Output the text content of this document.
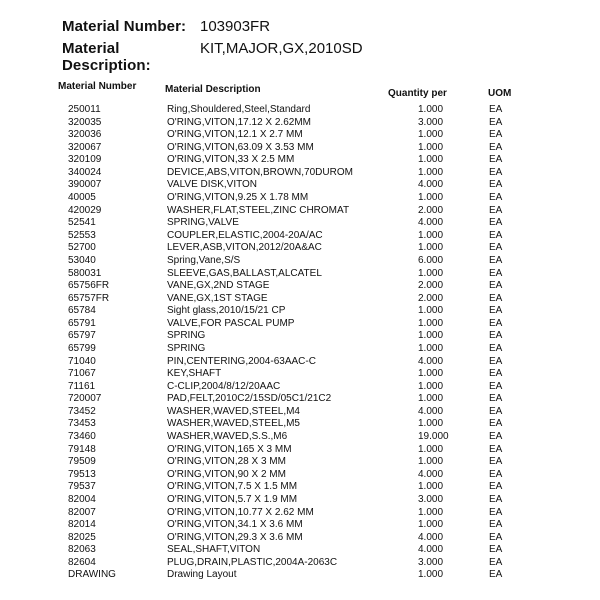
Material Number: 103903FR
Material Description:
KIT,MAJOR,GX,2010SD
Material Number	Material Description	Quantity per	UOM
250011	Ring,Shouldered,Steel,Standard	1.000	EA
320035	O'RING,VITON,17.12 X 2.62MM	3.000	EA
320036	O'RING,VITON,12.1 X 2.7 MM	1.000	EA
320067	O'RING,VITON,63.09 X 3.53 MM	1.000	EA
320109	O'RING,VITON,33 X 2.5 MM	1.000	EA
340024	DEVICE,ABS,VITON,BROWN,70DUROM	1.000	EA
390007	VALVE DISK,VITON	4.000	EA
40005	O'RING,VITON,9.25 X 1.78 MM	1.000	EA
420029	WASHER,FLAT,STEEL,ZINC CHROMAT	2.000	EA
52541	SPRING,VALVE	4.000	EA
52553	COUPLER,ELASTIC,2004-20A/AC	1.000	EA
52700	LEVER,ASB,VITON,2012/20A&AC	1.000	EA
53040	Spring,Vane,S/S	6.000	EA
580031	SLEEVE,GAS,BALLAST,ALCATEL	1.000	EA
65756FR	VANE,GX,2ND STAGE	2.000	EA
65757FR	VANE,GX,1ST STAGE	2.000	EA
65784	Sight glass,2010/15/21 CP	1.000	EA
65791	VALVE,FOR PASCAL PUMP	1.000	EA
65797	SPRING	1.000	EA
65799	SPRING	1.000	EA
71040	PIN,CENTERING,2004-63AAC-C	4.000	EA
71067	KEY,SHAFT	1.000	EA
71161	C-CLIP,2004/8/12/20AAC	1.000	EA
720007	PAD,FELT,2010C2/15SD/05C1/21C2	1.000	EA
73452	WASHER,WAVED,STEEL,M4	4.000	EA
73453	WASHER,WAVED,STEEL,M5	1.000	EA
73460	WASHER,WAVED,S.S.,M6	19.000	EA
79148	O'RING,VITON,165 X 3 MM	1.000	EA
79509	O'RING,VITON,28 X 3 MM	1.000	EA
79513	O'RING,VITON,90 X 2 MM	4.000	EA
79537	O'RING,VITON,7.5 X 1.5 MM	1.000	EA
82004	O'RING,VITON,5.7 X 1.9 MM	3.000	EA
82007	O'RING,VITON,10.77 X 2.62 MM	1.000	EA
82014	O'RING,VITON,34.1 X 3.6 MM	1.000	EA
82025	O'RING,VITON,29.3 X 3.6 MM	4.000	EA
82063	SEAL,SHAFT,VITON	4.000	EA
82604	PLUG,DRAIN,PLASTIC,2004A-2063C	3.000	EA
DRAWING	Drawing Layout	1.000	EA
